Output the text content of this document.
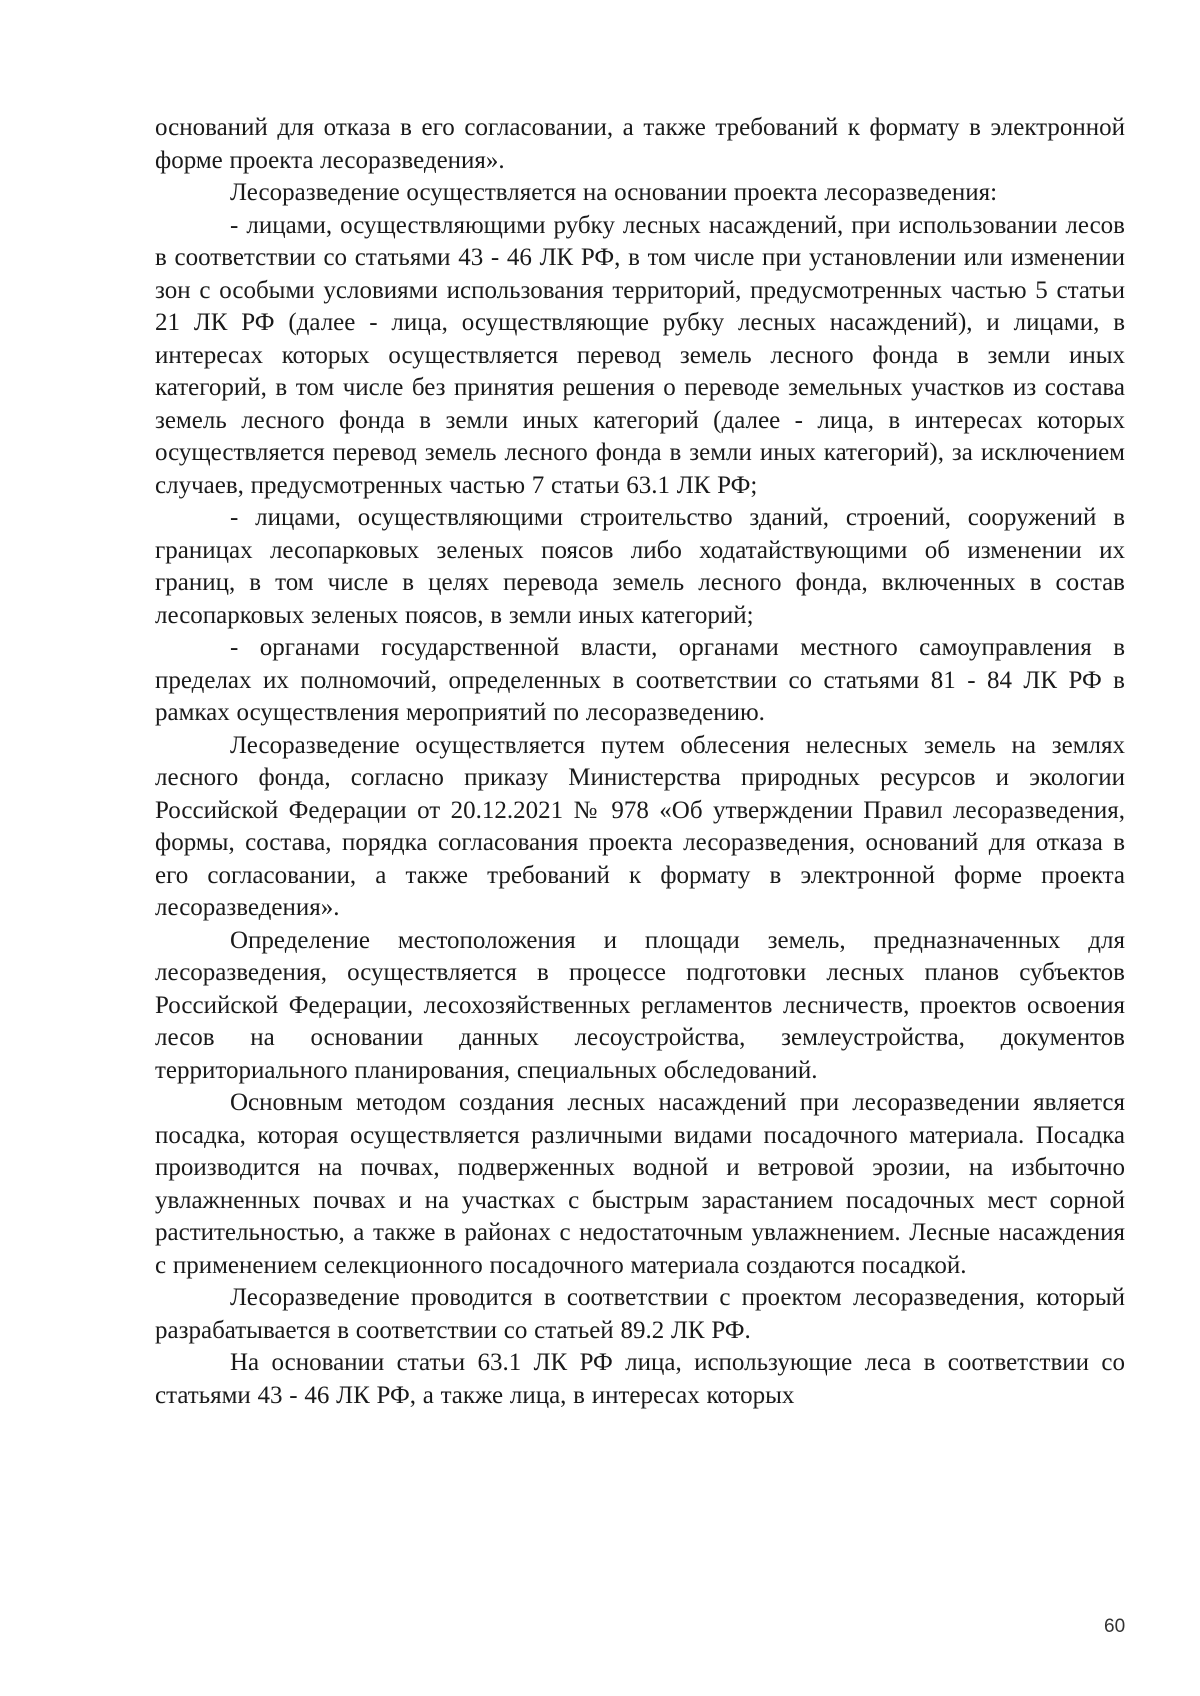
оснований для отказа в его согласовании, а также требований к формату в электронной форме проекта лесоразведения».

Лесоразведение осуществляется на основании проекта лесоразведения:

- лицами, осуществляющими рубку лесных насаждений, при использовании лесов в соответствии со статьями 43 - 46 ЛК РФ, в том числе при установлении или изменении зон с особыми условиями использования территорий, предусмотренных частью 5 статьи 21 ЛК РФ (далее - лица, осуществляющие рубку лесных насаждений), и лицами, в интересах которых осуществляется перевод земель лесного фонда в земли иных категорий, в том числе без принятия решения о переводе земельных участков из состава земель лесного фонда в земли иных категорий (далее - лица, в интересах которых осуществляется перевод земель лесного фонда в земли иных категорий), за исключением случаев, предусмотренных частью 7 статьи 63.1 ЛК РФ;

- лицами, осуществляющими строительство зданий, строений, сооружений в границах лесопарковых зеленых поясов либо ходатайствующими об изменении их границ, в том числе в целях перевода земель лесного фонда, включенных в состав лесопарковых зеленых поясов, в земли иных категорий;

- органами государственной власти, органами местного самоуправления в пределах их полномочий, определенных в соответствии со статьями 81 - 84 ЛК РФ в рамках осуществления мероприятий по лесоразведению.

Лесоразведение осуществляется путем облесения нелесных земель на землях лесного фонда, согласно приказу Министерства природных ресурсов и экологии Российской Федерации от 20.12.2021 № 978 «Об утверждении Правил лесоразведения, формы, состава, порядка согласования проекта лесоразведения, оснований для отказа в его согласовании, а также требований к формату в электронной форме проекта лесоразведения».

Определение местоположения и площади земель, предназначенных для лесоразведения, осуществляется в процессе подготовки лесных планов субъектов Российской Федерации, лесохозяйственных регламентов лесничеств, проектов освоения лесов на основании данных лесоустройства, землеустройства, документов территориального планирования, специальных обследований.

Основным методом создания лесных насаждений при лесоразведении является посадка, которая осуществляется различными видами посадочного материала. Посадка производится на почвах, подверженных водной и ветровой эрозии, на избыточно увлажненных почвах и на участках с быстрым зарастанием посадочных мест сорной растительностью, а также в районах с недостаточным увлажнением. Лесные насаждения с применением селекционного посадочного материала создаются посадкой.

Лесоразведение проводится в соответствии с проектом лесоразведения, который разрабатывается в соответствии со статьей 89.2 ЛК РФ.

На основании статьи 63.1 ЛК РФ лица, использующие леса в соответствии со статьями 43 - 46 ЛК РФ, а также лица, в интересах которых

60
